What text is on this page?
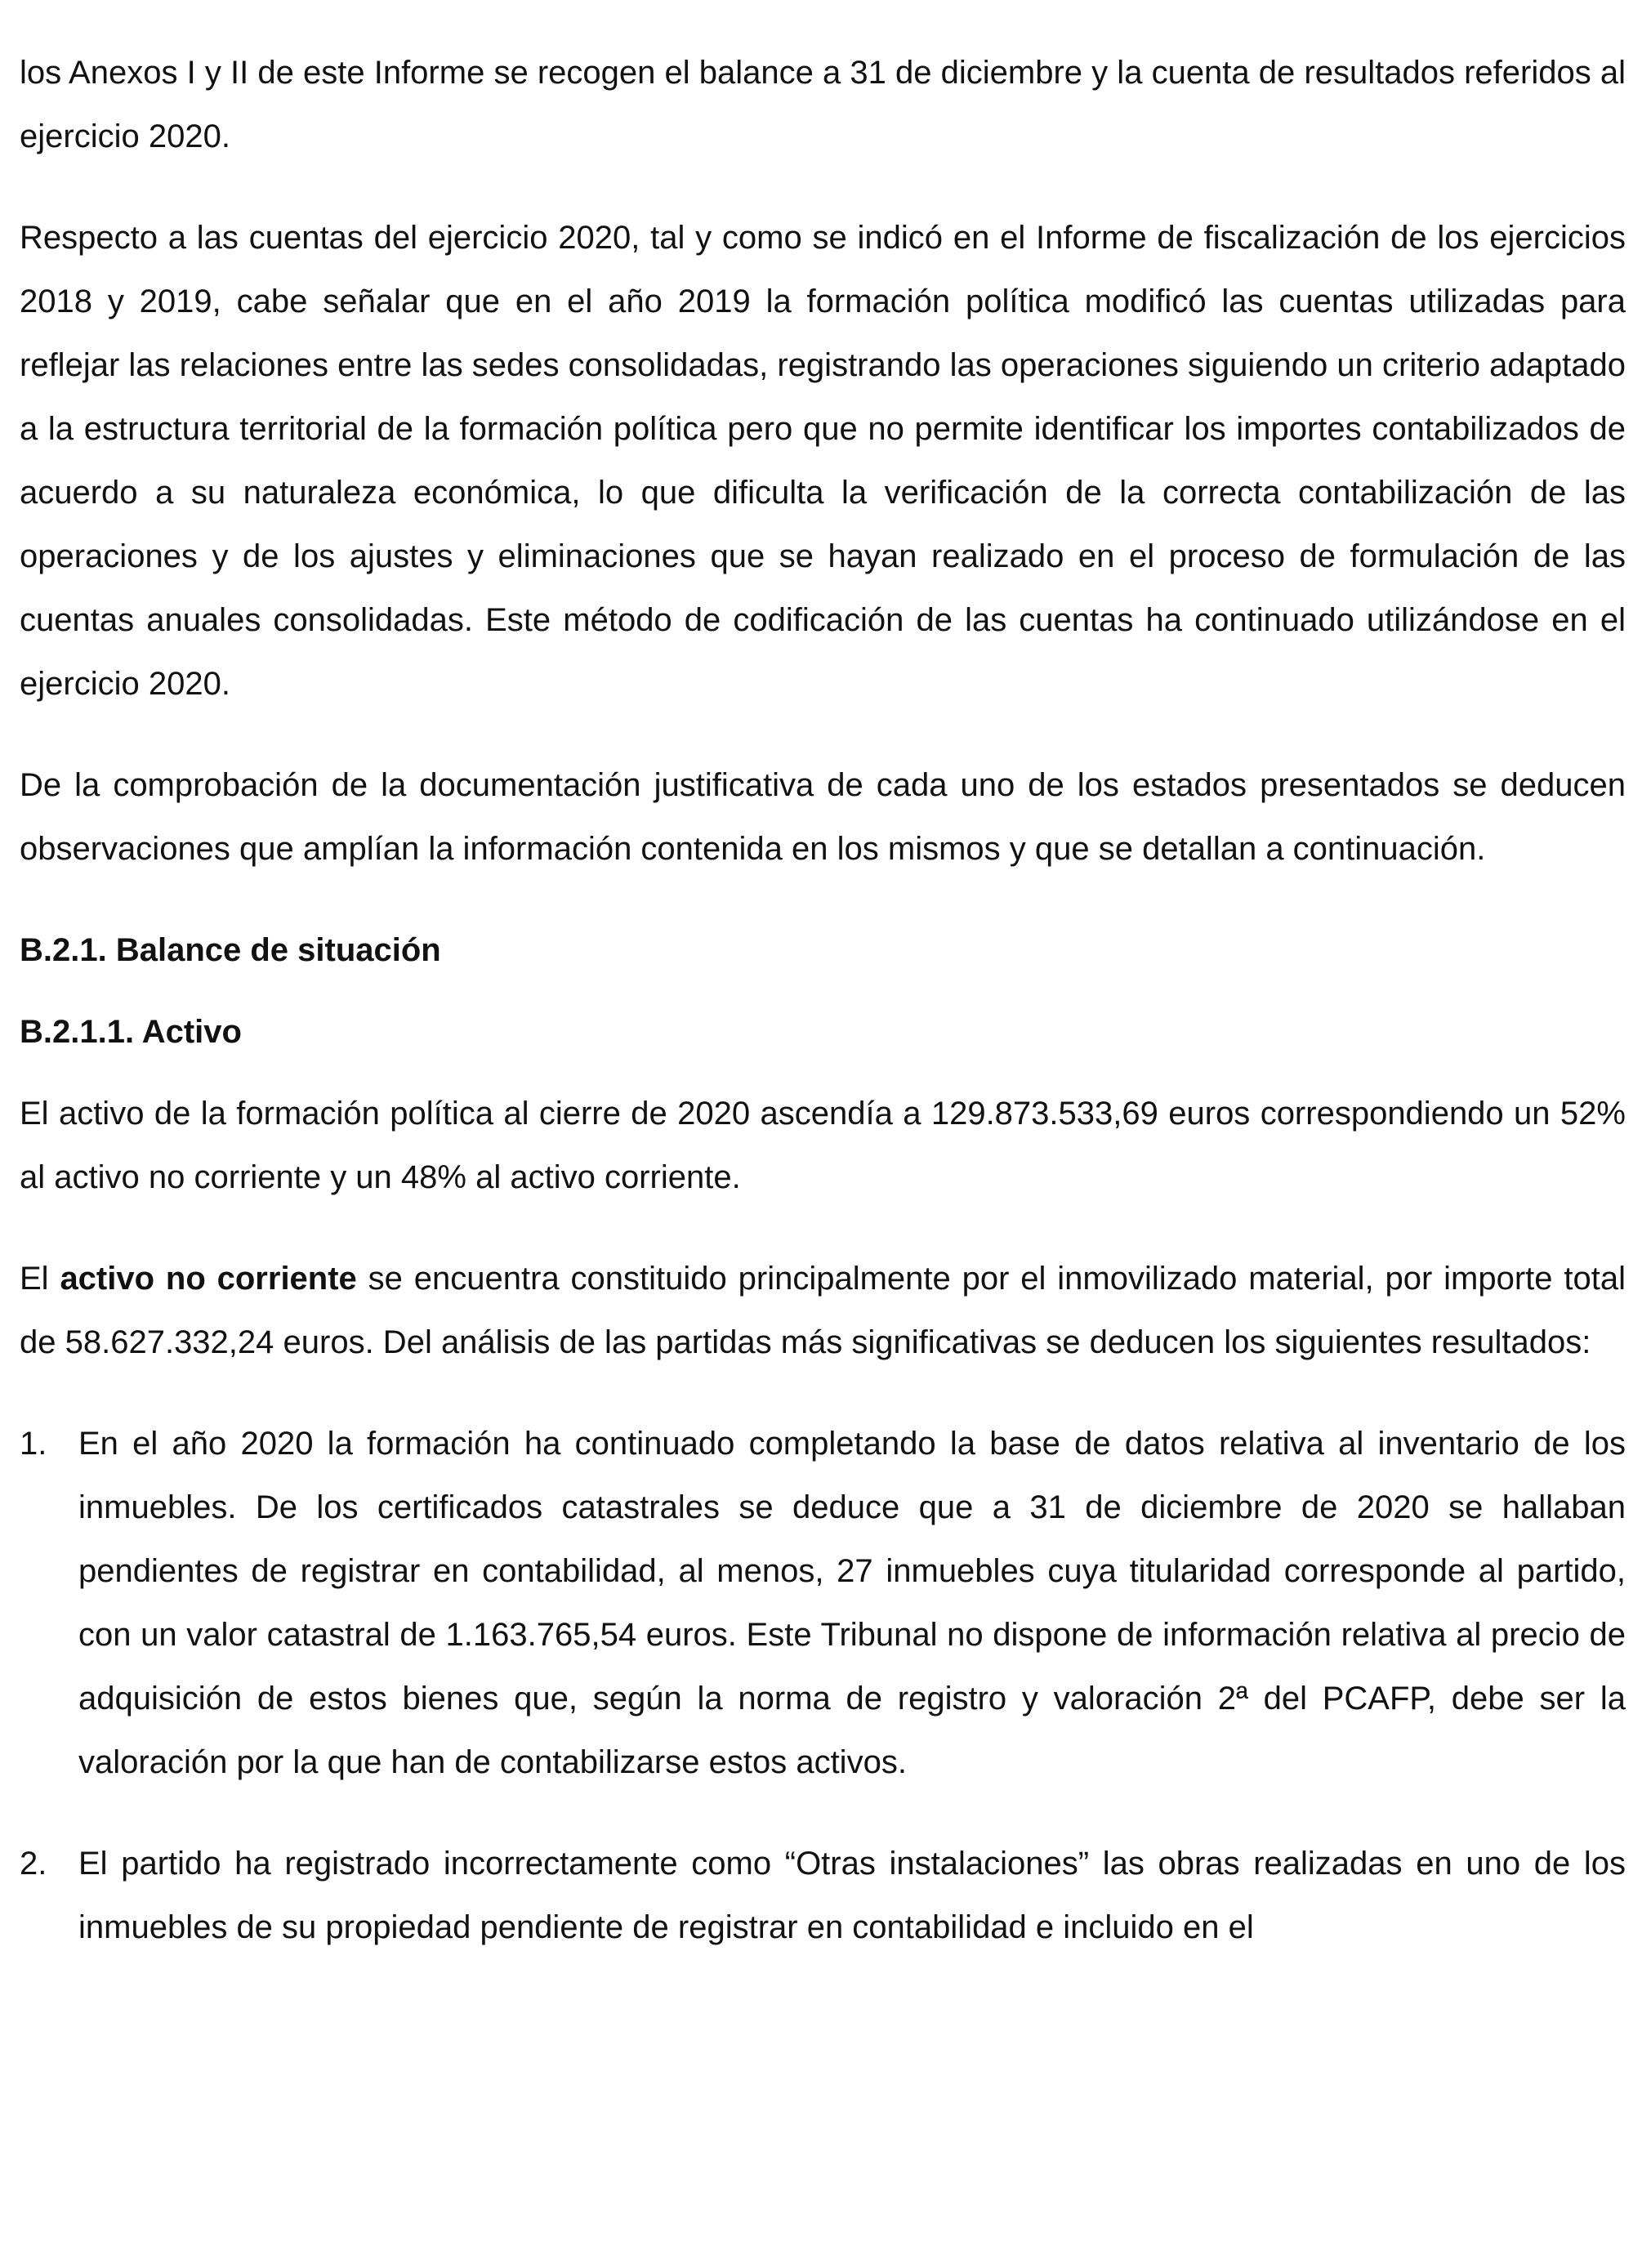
los Anexos I y II de este Informe se recogen el balance a 31 de diciembre y la cuenta de resultados referidos al ejercicio 2020.

Respecto a las cuentas del ejercicio 2020, tal y como se indicó en el Informe de fiscalización de los ejercicios 2018 y 2019, cabe señalar que en el año 2019 la formación política modificó las cuentas utilizadas para reflejar las relaciones entre las sedes consolidadas, registrando las operaciones siguiendo un criterio adaptado a la estructura territorial de la formación política pero que no permite identificar los importes contabilizados de acuerdo a su naturaleza económica, lo que dificulta la verificación de la correcta contabilización de las operaciones y de los ajustes y eliminaciones que se hayan realizado en el proceso de formulación de las cuentas anuales consolidadas. Este método de codificación de las cuentas ha continuado utilizándose en el ejercicio 2020.

De la comprobación de la documentación justificativa de cada uno de los estados presentados se deducen observaciones que amplían la información contenida en los mismos y que se detallan a continuación.

B.2.1. Balance de situación
B.2.1.1. Activo

El activo de la formación política al cierre de 2020 ascendía a 129.873.533,69 euros correspondiendo un 52% al activo no corriente y un 48% al activo corriente.

El activo no corriente se encuentra constituido principalmente por el inmovilizado material, por importe total de 58.627.332,24 euros. Del análisis de las partidas más significativas se deducen los siguientes resultados:

1. En el año 2020 la formación ha continuado completando la base de datos relativa al inventario de los inmuebles. De los certificados catastrales se deduce que a 31 de diciembre de 2020 se hallaban pendientes de registrar en contabilidad, al menos, 27 inmuebles cuya titularidad corresponde al partido, con un valor catastral de 1.163.765,54 euros. Este Tribunal no dispone de información relativa al precio de adquisición de estos bienes que, según la norma de registro y valoración 2ª del PCAFP, debe ser la valoración por la que han de contabilizarse estos activos.
2. El partido ha registrado incorrectamente como “Otras instalaciones” las obras realizadas en uno de los inmuebles de su propiedad pendiente de registrar en contabilidad e incluido en el
